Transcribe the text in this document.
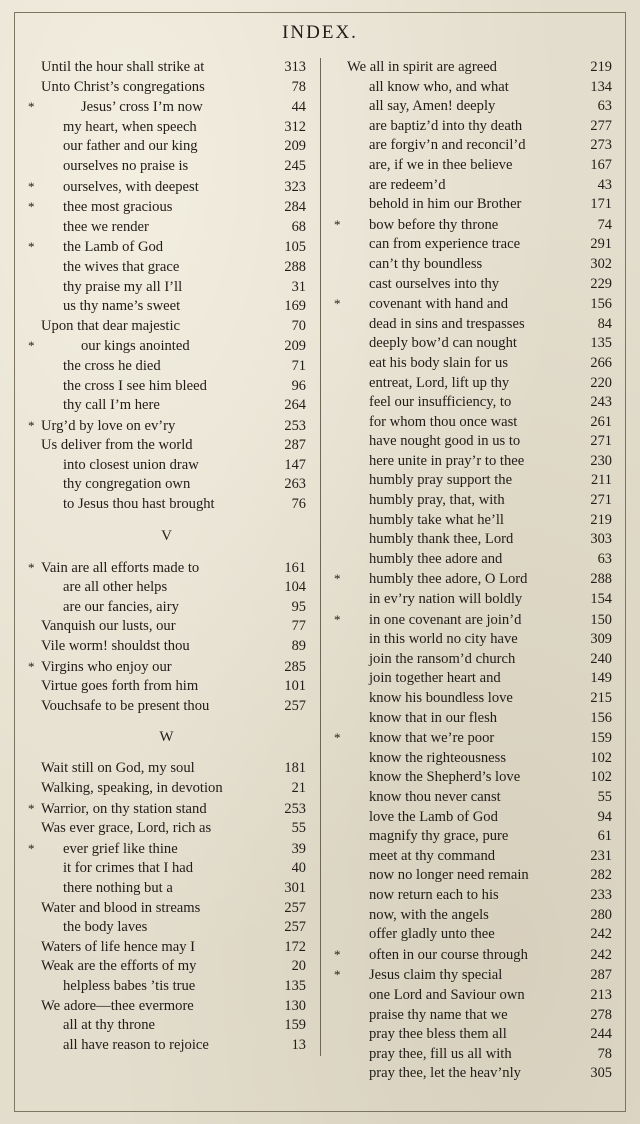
INDEX.
Until the hour shall strike at	313
Unto Christ’s congregations	78
*	Jesus’ cross I’m now	44
my heart, when speech	312
our father and our king	209
ourselves no praise is	245
*	ourselves, with deepest	323
*	thee most gracious	284
thee we render	68
*	the Lamb of God	105
the wives that grace	288
thy praise my all I’ll	31
us thy name’s sweet	169
Upon that dear majestic	70
*	our kings anointed	209
the cross he died	71
the cross I see him bleed	96
thy call I’m here	264
* Urg’d by love on ev’ry	253
Us deliver from the world	287
into closest union draw	147
thy congregation own	263
to Jesus thou hast brought	76
V
* Vain are all efforts made to	161
are all other helps	104
are our fancies, airy	95
Vanquish our lusts, our	77
Vile worm! shouldst thou	89
* Virgins who enjoy our	285
Virtue goes forth from him	101
Vouchsafe to be present thou	257
W
Wait still on God, my soul	181
Walking, speaking, in devotion	21
* Warrior, on thy station stand	253
Was ever grace, Lord, rich as	55
*	ever grief like thine	39
it for crimes that I had	40
there nothing but a	301
Water and blood in streams	257
the body laves	257
Waters of life hence may I	172
Weak are the efforts of my	20
helpless babes ’tis true	135
We adore—thee evermore	130
all at thy throne	159
all have reason to rejoice	13
We all in spirit are agreed	219
all know who, and what	134
all say, Amen! deeply	63
are baptiz’d into thy death	277
are forgiv’n and reconcil’d	273
are, if we in thee believe	167
are redeem’d	43
behold in him our Brother	171
*	bow before thy throne	74
can from experience trace	291
can’t thy boundless	302
cast ourselves into thy	229
*	covenant with hand and	156
dead in sins and trespasses	84
deeply bow’d can nought	135
eat his body slain for us	266
entreat, Lord, lift up thy	220
feel our insufficiency, to	243
for whom thou once wast	261
have nought good in us to	271
here unite in pray’r to thee	230
humbly pray support the	211
humbly pray, that, with	271
humbly take what he’ll	219
humbly thank thee, Lord	303
humbly thee adore and	63
*	humbly thee adore, O Lord	288
in ev’ry nation will boldly	154
*	in one covenant are join’d	150
in this world no city have	309
join the ransom’d church	240
join together heart and	149
know his boundless love	215
know that in our flesh	156
*	know that we’re poor	159
know the righteousness	102
know the Shepherd’s love	102
know thou never canst	55
love the Lamb of God	94
magnify thy grace, pure	61
meet at thy command	231
now no longer need remain	282
now return each to his	233
now, with the angels	280
offer gladly unto thee	242
*	often in our course through	242
*	Jesus claim thy special	287
one Lord and Saviour own	213
praise thy name that we	278
pray thee bless them all	244
pray thee, fill us all with	78
pray thee, let the heav’nly	305
